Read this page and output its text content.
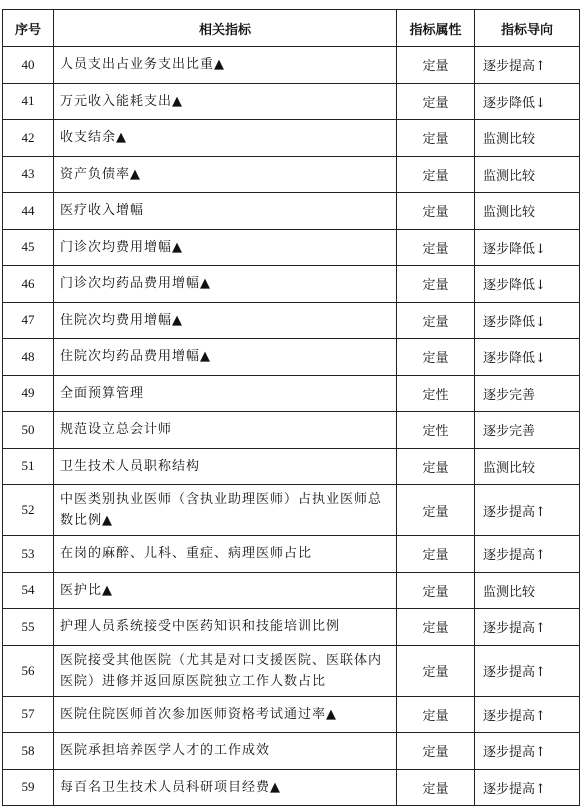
序号	相关指标	指标属性	指标导向
40	人员支出占业务支出比重▲	定量	逐步提高↑
41	万元收入能耗支出▲	定量	逐步降低↓
42	收支结余▲	定量	监测比较
43	资产负债率▲	定量	监测比较
44	医疗收入增幅	定量	监测比较
45	门诊次均费用增幅▲	定量	逐步降低↓
46	门诊次均药品费用增幅▲	定量	逐步降低↓
47	住院次均费用增幅▲	定量	逐步降低↓
48	住院次均药品费用增幅▲	定量	逐步降低↓
49	全面预算管理	定性	逐步完善
50	规范设立总会计师	定性	逐步完善
51	卫生技术人员职称结构	定量	监测比较
52	中医类别执业医师（含执业助理医师）占执业医师总数比例▲	定量	逐步提高↑
53	在岗的麻醉、儿科、重症、病理医师占比	定量	逐步提高↑
54	医护比▲	定量	监测比较
55	护理人员系统接受中医药知识和技能培训比例	定量	逐步提高↑
56	医院接受其他医院（尤其是对口支援医院、医联体内医院）进修并返回原医院独立工作人数占比	定量	逐步提高↑
57	医院住院医师首次参加医师资格考试通过率▲	定量	逐步提高↑
58	医院承担培养医学人才的工作成效	定量	逐步提高↑
59	每百名卫生技术人员科研项目经费▲	定量	逐步提高↑
